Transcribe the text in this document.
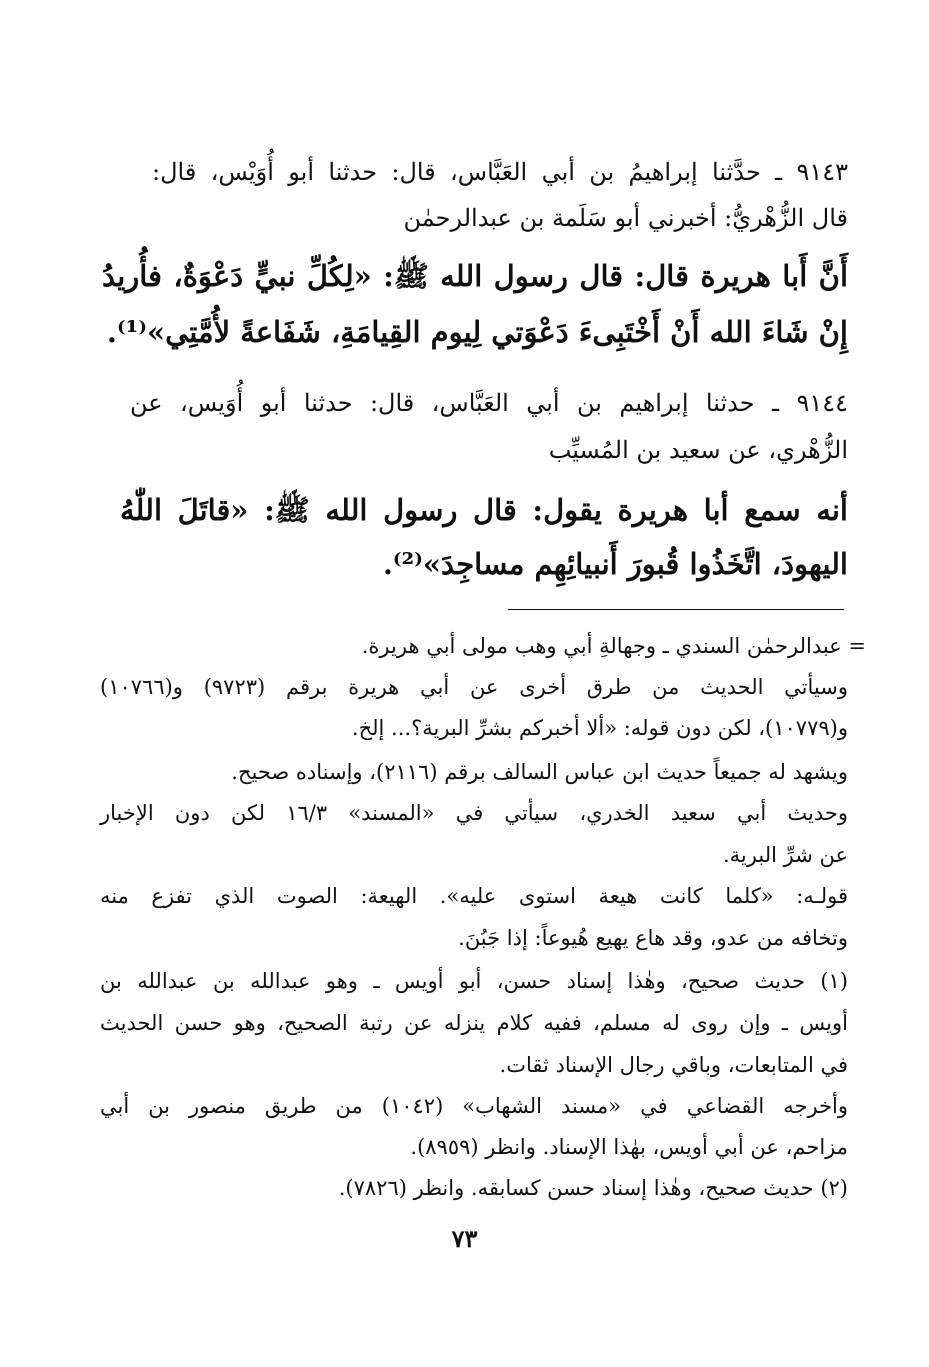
٩١٤٣ ـ حدَّثنا إبراهيمُ بن أبي العَبَّاس، قال: حدثنا أبو أُوَيْس، قال:
قال الزُّهْريُّ: أخبرني أبو سَلَمة بن عبدالرحمٰن
أَنَّ أَبا هريرة قال: قال رسول الله ﷺ: «لِكُلِّ نبيٍّ دَعْوَةٌ، فأُريدُ
إِنْ شَاءَ الله أَنْ أَخْتَبِىءَ دَعْوَتي لِيوم القِيامَةِ، شَفَاعةً لأُمَّتِي»⁽¹⁾.
٩١٤٤ ـ حدثنا إبراهيم بن أبي العَبَّاس، قال: حدثنا أبو أُوَيس، عن
الزُّهْري، عن سعيد بن المُسيِّب
أنه سمع أبا هريرة يقول: قال رسول الله ﷺ: «قاتَلَ اللّٰهُ
اليهودَ، اتَّخَذُوا قُبورَ أَنبيائِهِم مساجِدَ»⁽²⁾.
= عبدالرحمٰن السندي ـ وجهالةِ أبي وهب مولى أبي هريرة.
وسيأتي الحديث من طرق أخرى عن أبي هريرة برقم (٩٧٢٣) و(١٠٧٦٦)
و(١٠٧٧٩)، لكن دون قوله: «ألا أخبركم بشرِّ البرية؟... إلخ.
ويشهد له جميعاً حديث ابن عباس السالف برقم (٢١١٦)، وإسناده صحيح.
وحديث أبي سعيد الخدري، سيأتي في «المسند» ١٦/٣ لكن دون الإخبار
عن شرِّ البرية.
قولـه: «كلما كانت هيعة استوى عليه». الهيعة: الصوت الذي تفزع منه
وتخافه من عدو، وقد هاع يهيع هُيوعاً: إذا جَبُنَ.
(١) حديث صحيح، وهٰذا إسناد حسن، أبو أويس ـ وهو عبدالله بن عبدالله بن
أويس ـ وإن روى له مسلم، ففيه كلام ينزله عن رتبة الصحيح، وهو حسن الحديث
في المتابعات، وباقي رجال الإسناد ثقات.
وأخرجه القضاعي في «مسند الشهاب» (١٠٤٢) من طريق منصور بن أبي
مزاحم، عن أبي أويس، بهٰذا الإسناد. وانظر (٨٩٥٩).
(٢) حديث صحيح، وهٰذا إسناد حسن كسابقه. وانظر (٧٨٢٦).
٧٣
